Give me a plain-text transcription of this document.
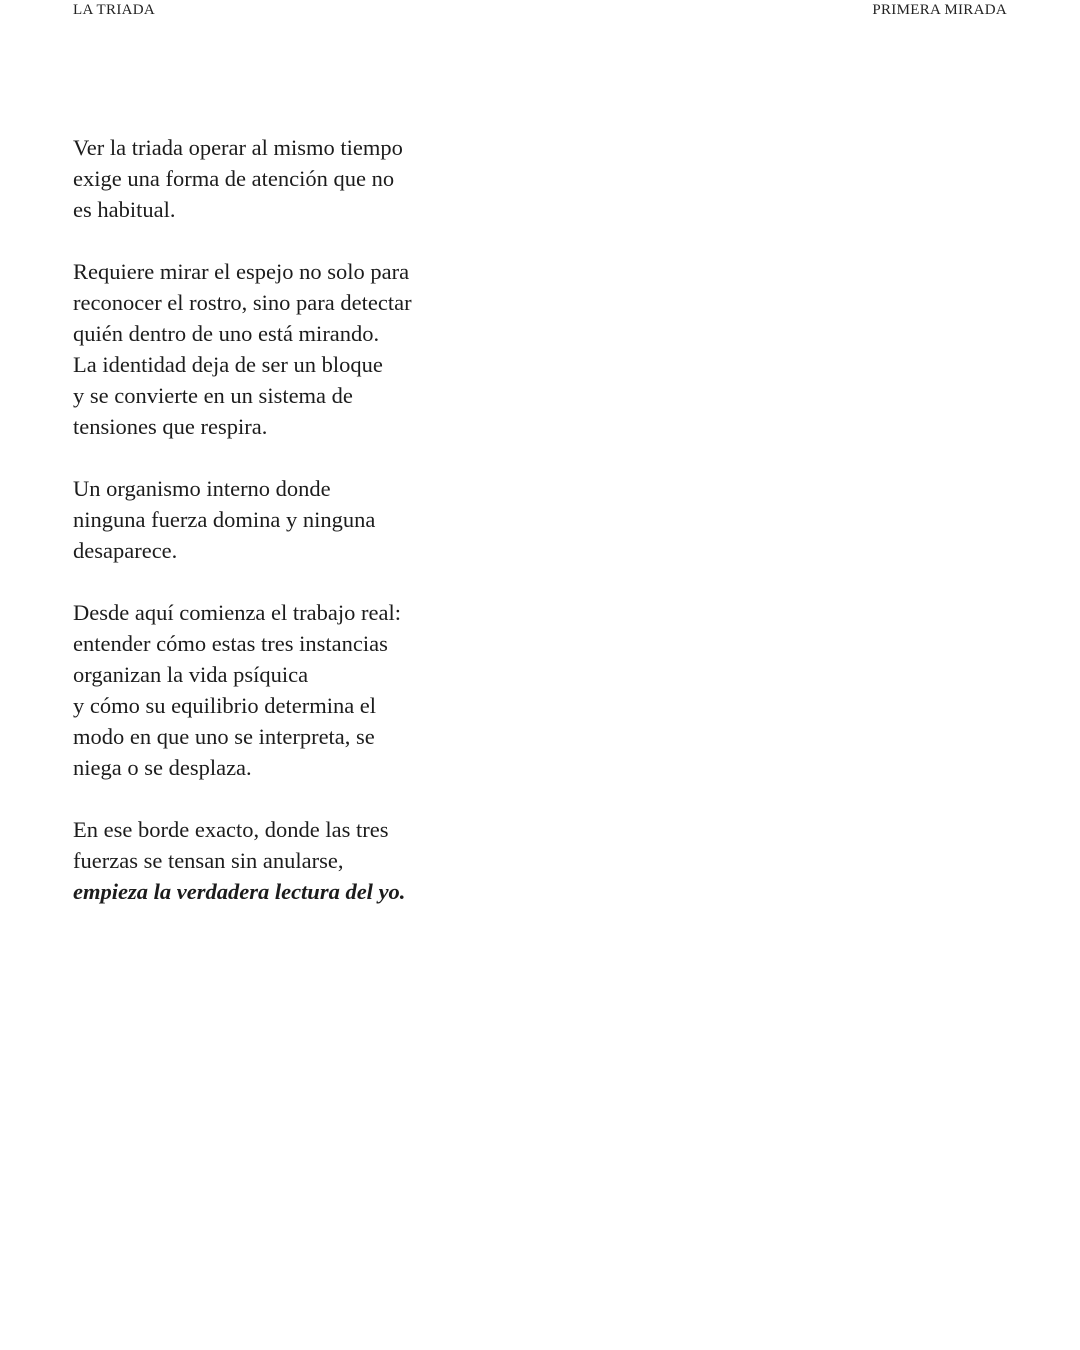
LA TRIADA	PRIMERA MIRADA

Ver la triada operar al mismo tiempo
exige una forma de atención que no
es habitual.

Requiere mirar el espejo no solo para
reconocer el rostro, sino para detectar
quién dentro de uno está mirando.
La identidad deja de ser un bloque
y se convierte en un sistema de
tensiones que respira.

Un organismo interno donde
ninguna fuerza domina y ninguna
desaparece.

Desde aquí comienza el trabajo real:
entender cómo estas tres instancias
organizan la vida psíquica
y cómo su equilibrio determina el
modo en que uno se interpreta, se
niega o se desplaza.

En ese borde exacto, donde las tres
fuerzas se tensan sin anularse,
empieza la verdadera lectura del yo.
